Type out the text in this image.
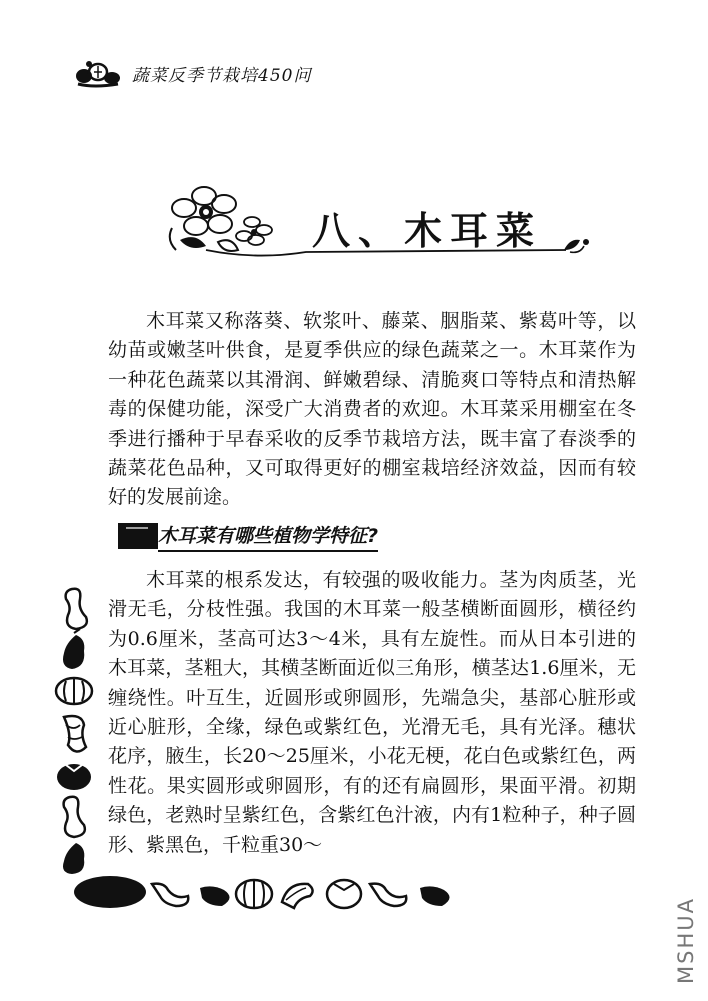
蔬菜反季节栽培450问
八、木耳菜

木耳菜又称落葵、软浆叶、藤菜、胭脂菜、紫葛叶等，以幼苗或嫩茎叶供食，是夏季供应的绿色蔬菜之一。木耳菜作为一种花色蔬菜以其滑润、鲜嫩碧绿、清脆爽口等特点和清热解毒的保健功能，深受广大消费者的欢迎。木耳菜采用棚室在冬季进行播种于早春采收的反季节栽培方法，既丰富了春淡季的蔬菜花色品种，又可取得更好的棚室栽培经济效益，因而有较好的发展前途。

木耳菜有哪些植物学特征?

木耳菜的根系发达，有较强的吸收能力。茎为肉质茎，光滑无毛，分枝性强。我国的木耳菜一般茎横断面圆形，横径约为0.6厘米，茎高可达3～4米，具有左旋性。而从日本引进的木耳菜，茎粗大，其横茎断面近似三角形，横茎达1.6厘米，无缠绕性。叶互生，近圆形或卵圆形，先端急尖，基部心脏形或近心脏形，全缘，绿色或紫红色，光滑无毛，具有光泽。穗状花序，腋生，长20～25厘米，小花无梗，花白色或紫红色，两性花。果实圆形或卵圆形，有的还有扁圆形，果面平滑。初期绿色，老熟时呈紫红色，含紫红色汁液，内有1粒种子，种子圆形、紫黑色，千粒重30～

MSHUA
